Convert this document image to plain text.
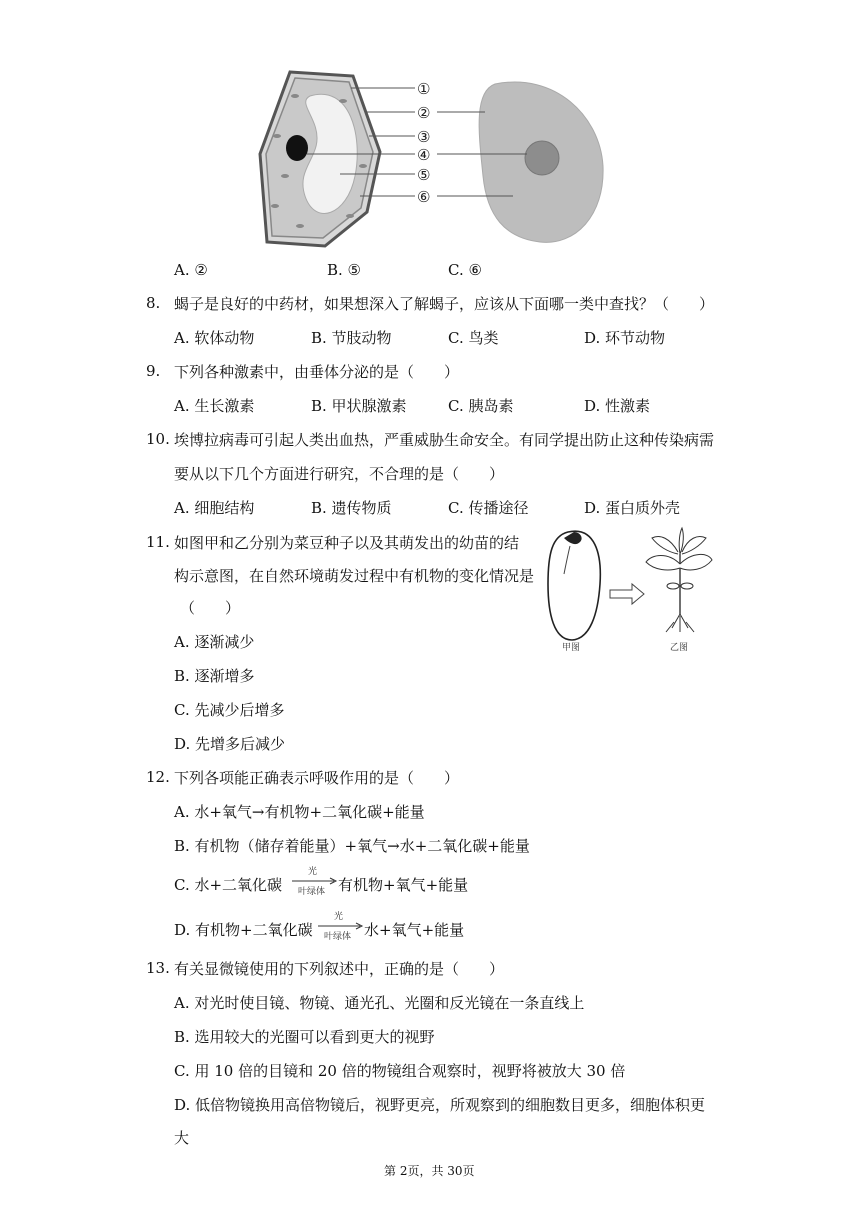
①
②
③
④
⑤
⑥
A. ②	B. ⑤	C. ⑥
8. 蝎子是良好的中药材，如果想深入了解蝎子，应该从下面哪一类中查找？（　　）
A. 软体动物	B. 节肢动物	C. 鸟类	D. 环节动物
9. 下列各种激素中，由垂体分泌的是（　　）
A. 生长激素	B. 甲状腺激素	C. 胰岛素	D. 性激素
10. 埃博拉病毒可引起人类出血热，严重威胁生命安全。有同学提出防止这种传染病需
要从以下几个方面进行研究，不合理的是（　　）
A. 细胞结构	B. 遗传物质	C. 传播途径	D. 蛋白质外壳
11. 如图甲和乙分别为菜豆种子以及其萌发出的幼苗的结
构示意图，在自然环境萌发过程中有机物的变化情况是
（　　）
甲图	乙图
A. 逐渐减少
B. 逐渐增多
C. 先减少后增多
D. 先增多后减少
12. 下列各项能正确表示呼吸作用的是（　　）
A. 水+氧气→有机物+二氧化碳+能量
B. 有机物（储存着能量）+氧气→水+二氧化碳+能量
C. 水+二氧化碳
光
叶绿体 有机物+氧气+能量
D. 有机物+二氧化碳
光
叶绿体 水+氧气+能量
13. 有关显微镜使用的下列叙述中，正确的是（　　）
A. 对光时使目镜、物镜、通光孔、光圈和反光镜在一条直线上
B. 选用较大的光圈可以看到更大的视野
C. 用 10 倍的目镜和 20 倍的物镜组合观察时，视野将被放大 30 倍
D. 低倍物镜换用高倍物镜后，视野更亮，所观察到的细胞数目更多，细胞体积更
大
第 2页，共 30页
